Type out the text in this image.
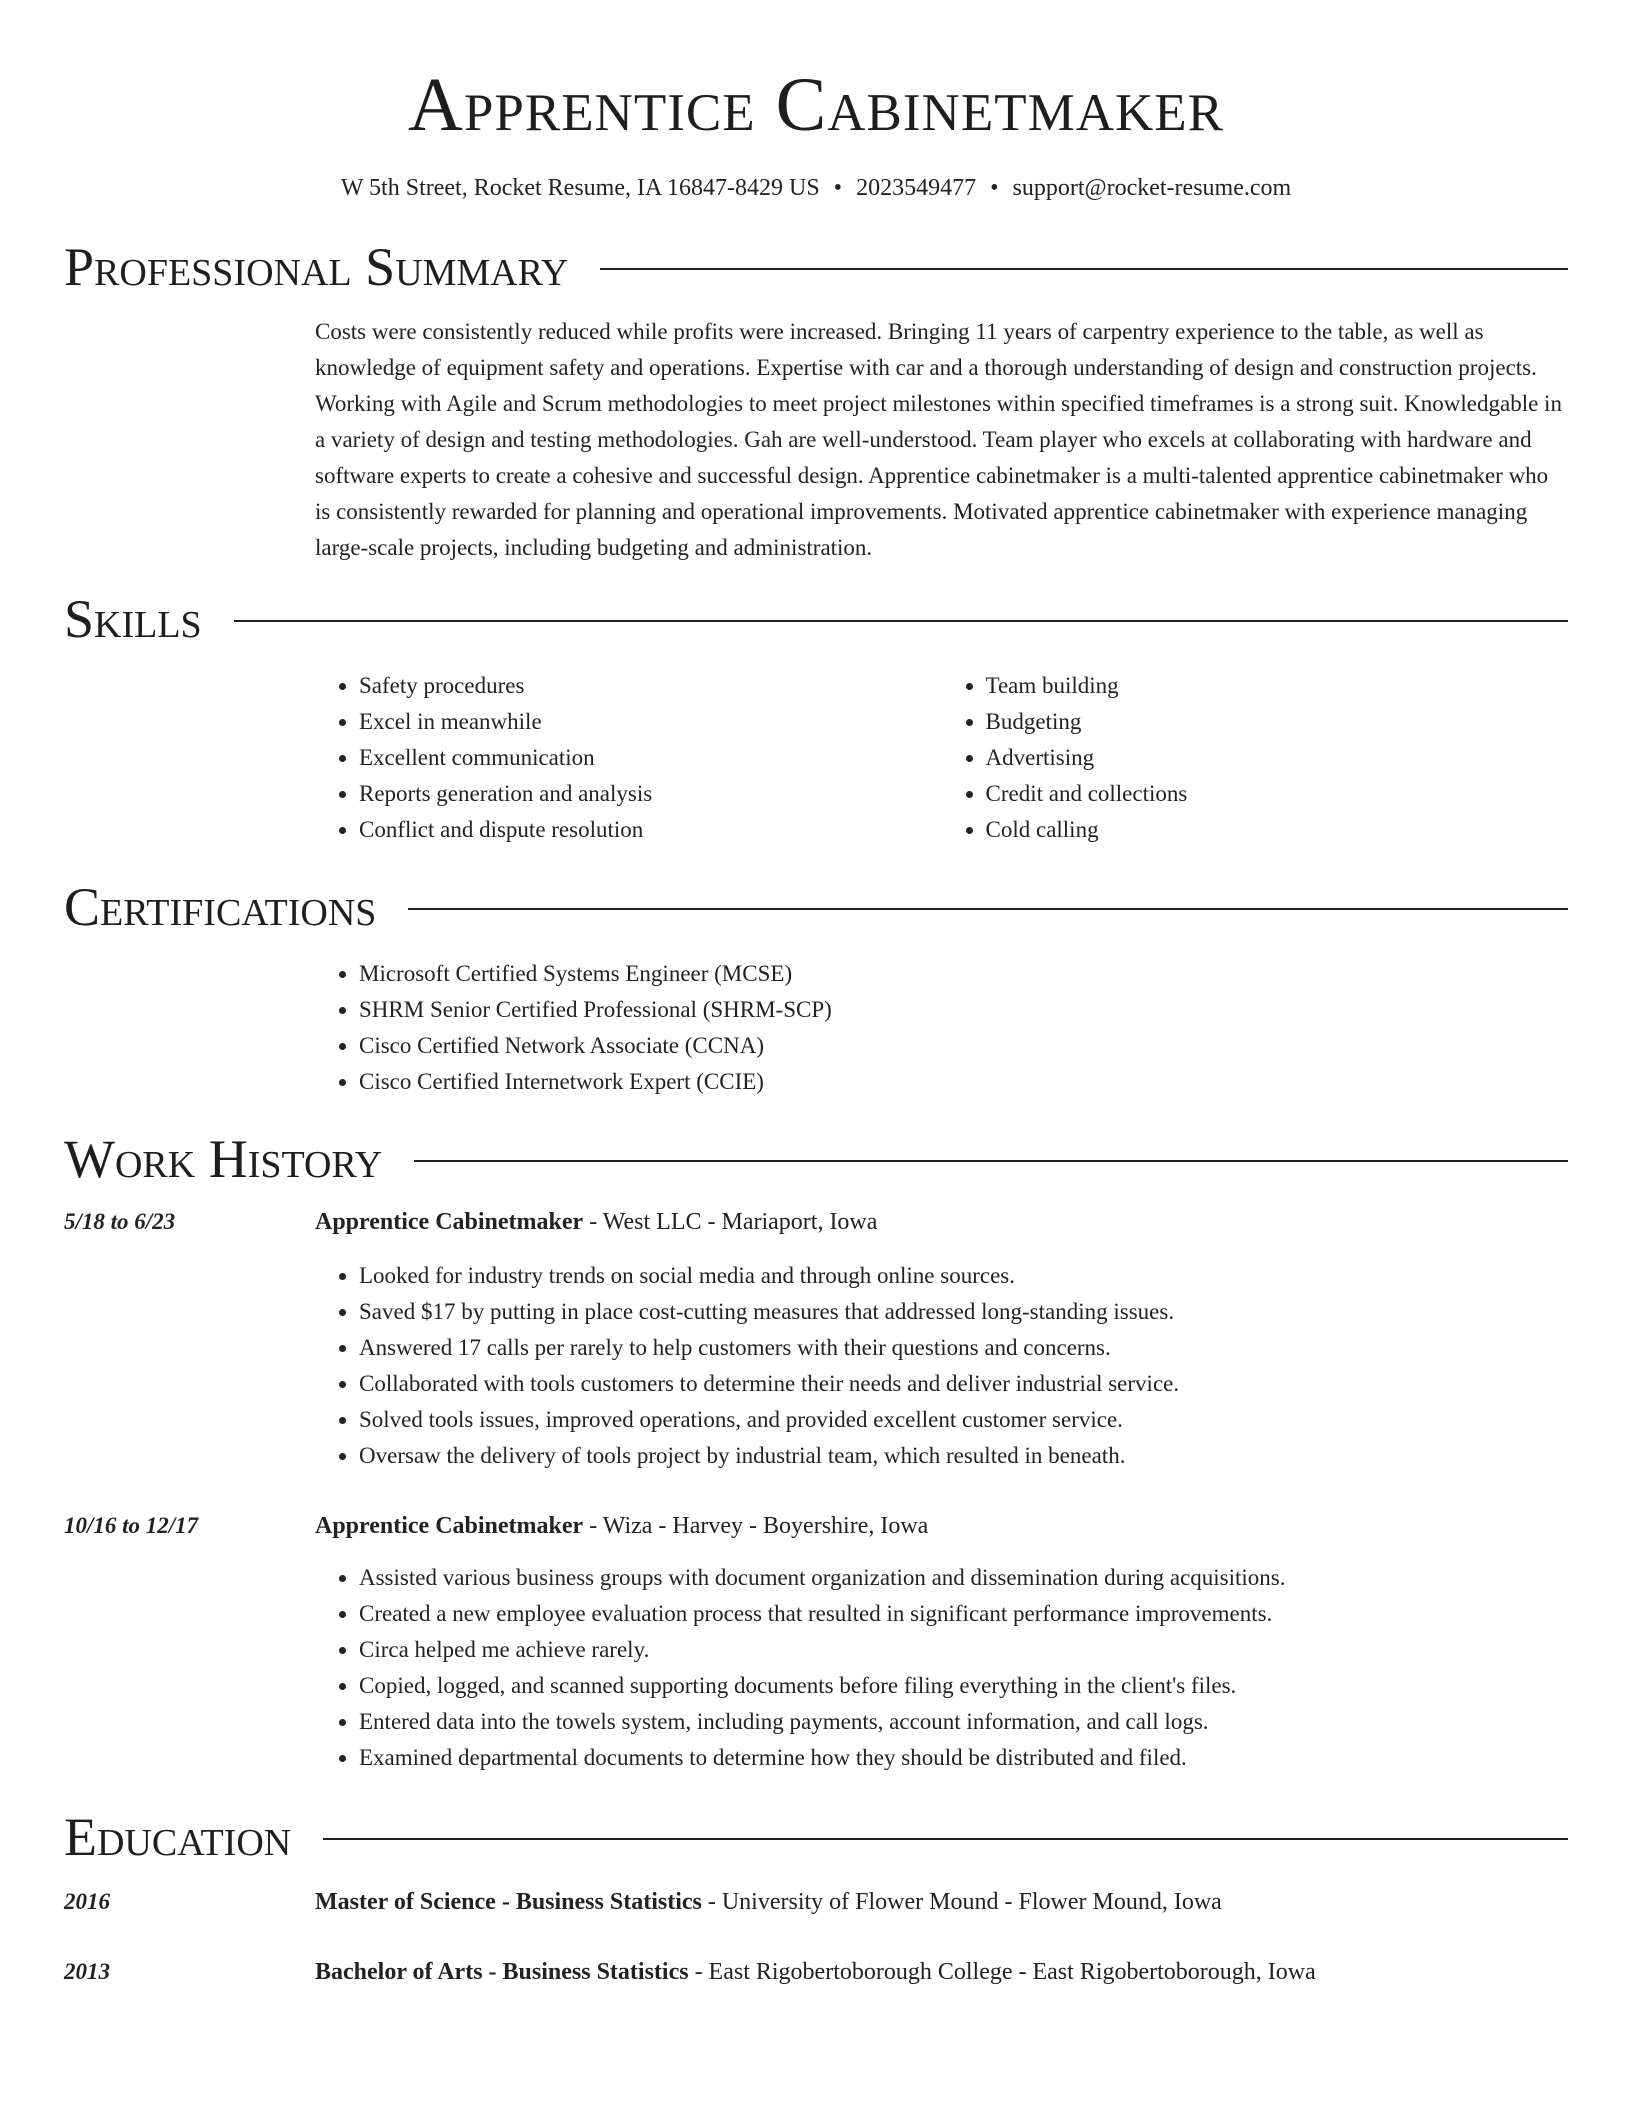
Apprentice Cabinetmaker
W 5th Street, Rocket Resume, IA 16847-8429 US • 2023549477 • support@rocket-resume.com
Professional Summary

Costs were consistently reduced while profits were increased. Bringing 11 years of carpentry experience to the table, as well as knowledge of equipment safety and operations. Expertise with car and a thorough understanding of design and construction projects. Working with Agile and Scrum methodologies to meet project milestones within specified timeframes is a strong suit. Knowledgable in a variety of design and testing methodologies. Gah are well-understood. Team player who excels at collaborating with hardware and software experts to create a cohesive and successful design. Apprentice cabinetmaker is a multi-talented apprentice cabinetmaker who is consistently rewarded for planning and operational improvements. Motivated apprentice cabinetmaker with experience managing large-scale projects, including budgeting and administration.

Skills
• Safety procedures
• Excel in meanwhile
• Excellent communication
• Reports generation and analysis
• Conflict and dispute resolution
• Team building
• Budgeting
• Advertising
• Credit and collections
• Cold calling
Certifications
• Microsoft Certified Systems Engineer (MCSE)
• SHRM Senior Certified Professional (SHRM-SCP)
• Cisco Certified Network Associate (CCNA)
• Cisco Certified Internetwork Expert (CCIE)
Work History
5/18 to 6/23	Apprentice Cabinetmaker - West LLC - Mariaport, Iowa
• Looked for industry trends on social media and through online sources.
• Saved $17 by putting in place cost-cutting measures that addressed long-standing issues.
• Answered 17 calls per rarely to help customers with their questions and concerns.
• Collaborated with tools customers to determine their needs and deliver industrial service.
• Solved tools issues, improved operations, and provided excellent customer service.
• Oversaw the delivery of tools project by industrial team, which resulted in beneath.
10/16 to 12/17	Apprentice Cabinetmaker - Wiza - Harvey - Boyershire, Iowa
• Assisted various business groups with document organization and dissemination during acquisitions.
• Created a new employee evaluation process that resulted in significant performance improvements.
• Circa helped me achieve rarely.
• Copied, logged, and scanned supporting documents before filing everything in the client's files.
• Entered data into the towels system, including payments, account information, and call logs.
• Examined departmental documents to determine how they should be distributed and filed.
Education
2016	Master of Science - Business Statistics - University of Flower Mound - Flower Mound, Iowa
2013	Bachelor of Arts - Business Statistics - East Rigobertoborough College - East Rigobertoborough, Iowa
